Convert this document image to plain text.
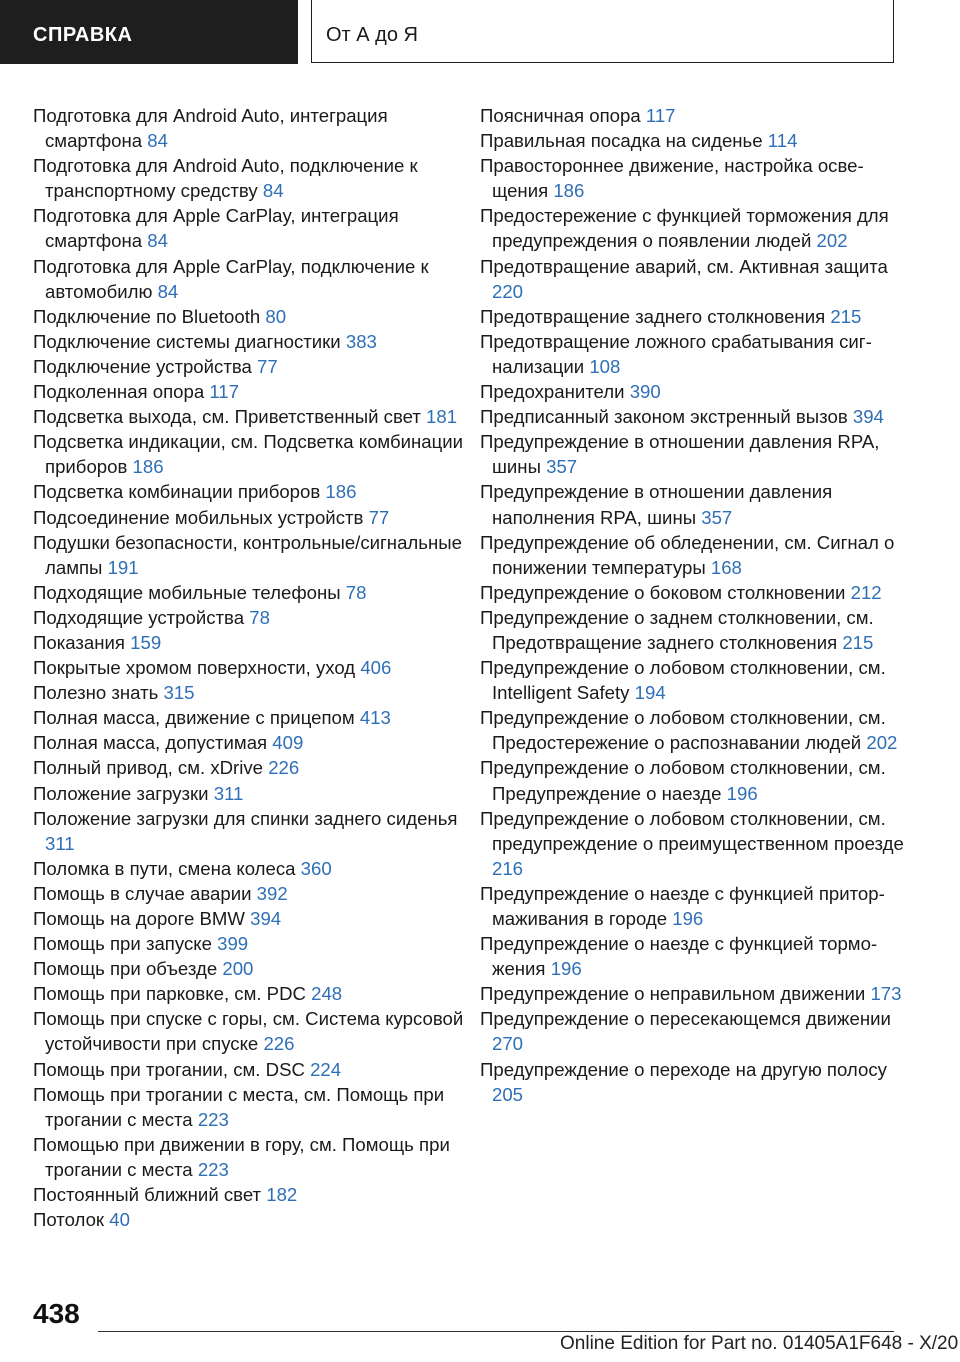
СПРАВКА	От А до Я
Подготовка для Android Auto, интеграция смартфона 84
Подготовка для Android Auto, подключение к транспортному средству 84
Подготовка для Apple CarPlay, интеграция смартфона 84
Подготовка для Apple CarPlay, подключение к автомобилю 84
Подключение по Bluetooth 80
Подключение системы диагностики 383
Подключение устройства 77
Подколенная опора 117
Подсветка выхода, см. Приветственный свет 181
Подсветка индикации, см. Подсветка комбинации приборов 186
Подсветка комбинации приборов 186
Подсоединение мобильных устройств 77
Подушки безопасности, контрольные/сигнальные лампы 191
Подходящие мобильные телефоны 78
Подходящие устройства 78
Показания 159
Покрытые хромом поверхности, уход 406
Полезно знать 315
Полная масса, движение с прицепом 413
Полная масса, допустимая 409
Полный привод, см. xDrive 226
Положение загрузки 311
Положение загрузки для спинки заднего сиденья 311
Поломка в пути, смена колеса 360
Помощь в случае аварии 392
Помощь на дороге BMW 394
Помощь при запуске 399
Помощь при объезде 200
Помощь при парковке, см. PDC 248
Помощь при спуске с горы, см. Система курсовой устойчивости при спуске 226
Помощь при трогании, см. DSC 224
Помощь при трогании с места, см. Помощь при трогании с места 223
Помощью при движении в гору, см. Помощь при трогании с места 223
Постоянный ближний свет 182
Потолок 40
Поясничная опора 117
Правильная посадка на сиденье 114
Правостороннее движение, настройка освещения 186
Предостережение с функцией торможения для предупреждения о появлении людей 202
Предотвращение аварий, см. Активная защита 220
Предотвращение заднего столкновения 215
Предотвращение ложного срабатывания сигнализации 108
Предохранители 390
Предписанный законом экстренный вызов 394
Предупреждение в отношении давления RPA, шины 357
Предупреждение в отношении давления наполнения RPA, шины 357
Предупреждение об обледенении, см. Сигнал о понижении температуры 168
Предупреждение о боковом столкновении 212
Предупреждение о заднем столкновении, см. Предотвращение заднего столкновения 215
Предупреждение о лобовом столкновении, см. Intelligent Safety 194
Предупреждение о лобовом столкновении, см. Предостережение о распознавании людей 202
Предупреждение о лобовом столкновении, см. Предупреждение о наезде 196
Предупреждение о лобовом столкновении, см. предупреждение о преимущественном проезде 216
Предупреждение о наезде с функцией притормаживания в городе 196
Предупреждение о наезде с функцией торможения 196
Предупреждение о неправильном движении 173
Предупреждение о пересекающемся движении 270
Предупреждение о переходе на другую полосу 205
438
Online Edition for Part no. 01405A1F648 - X/20
